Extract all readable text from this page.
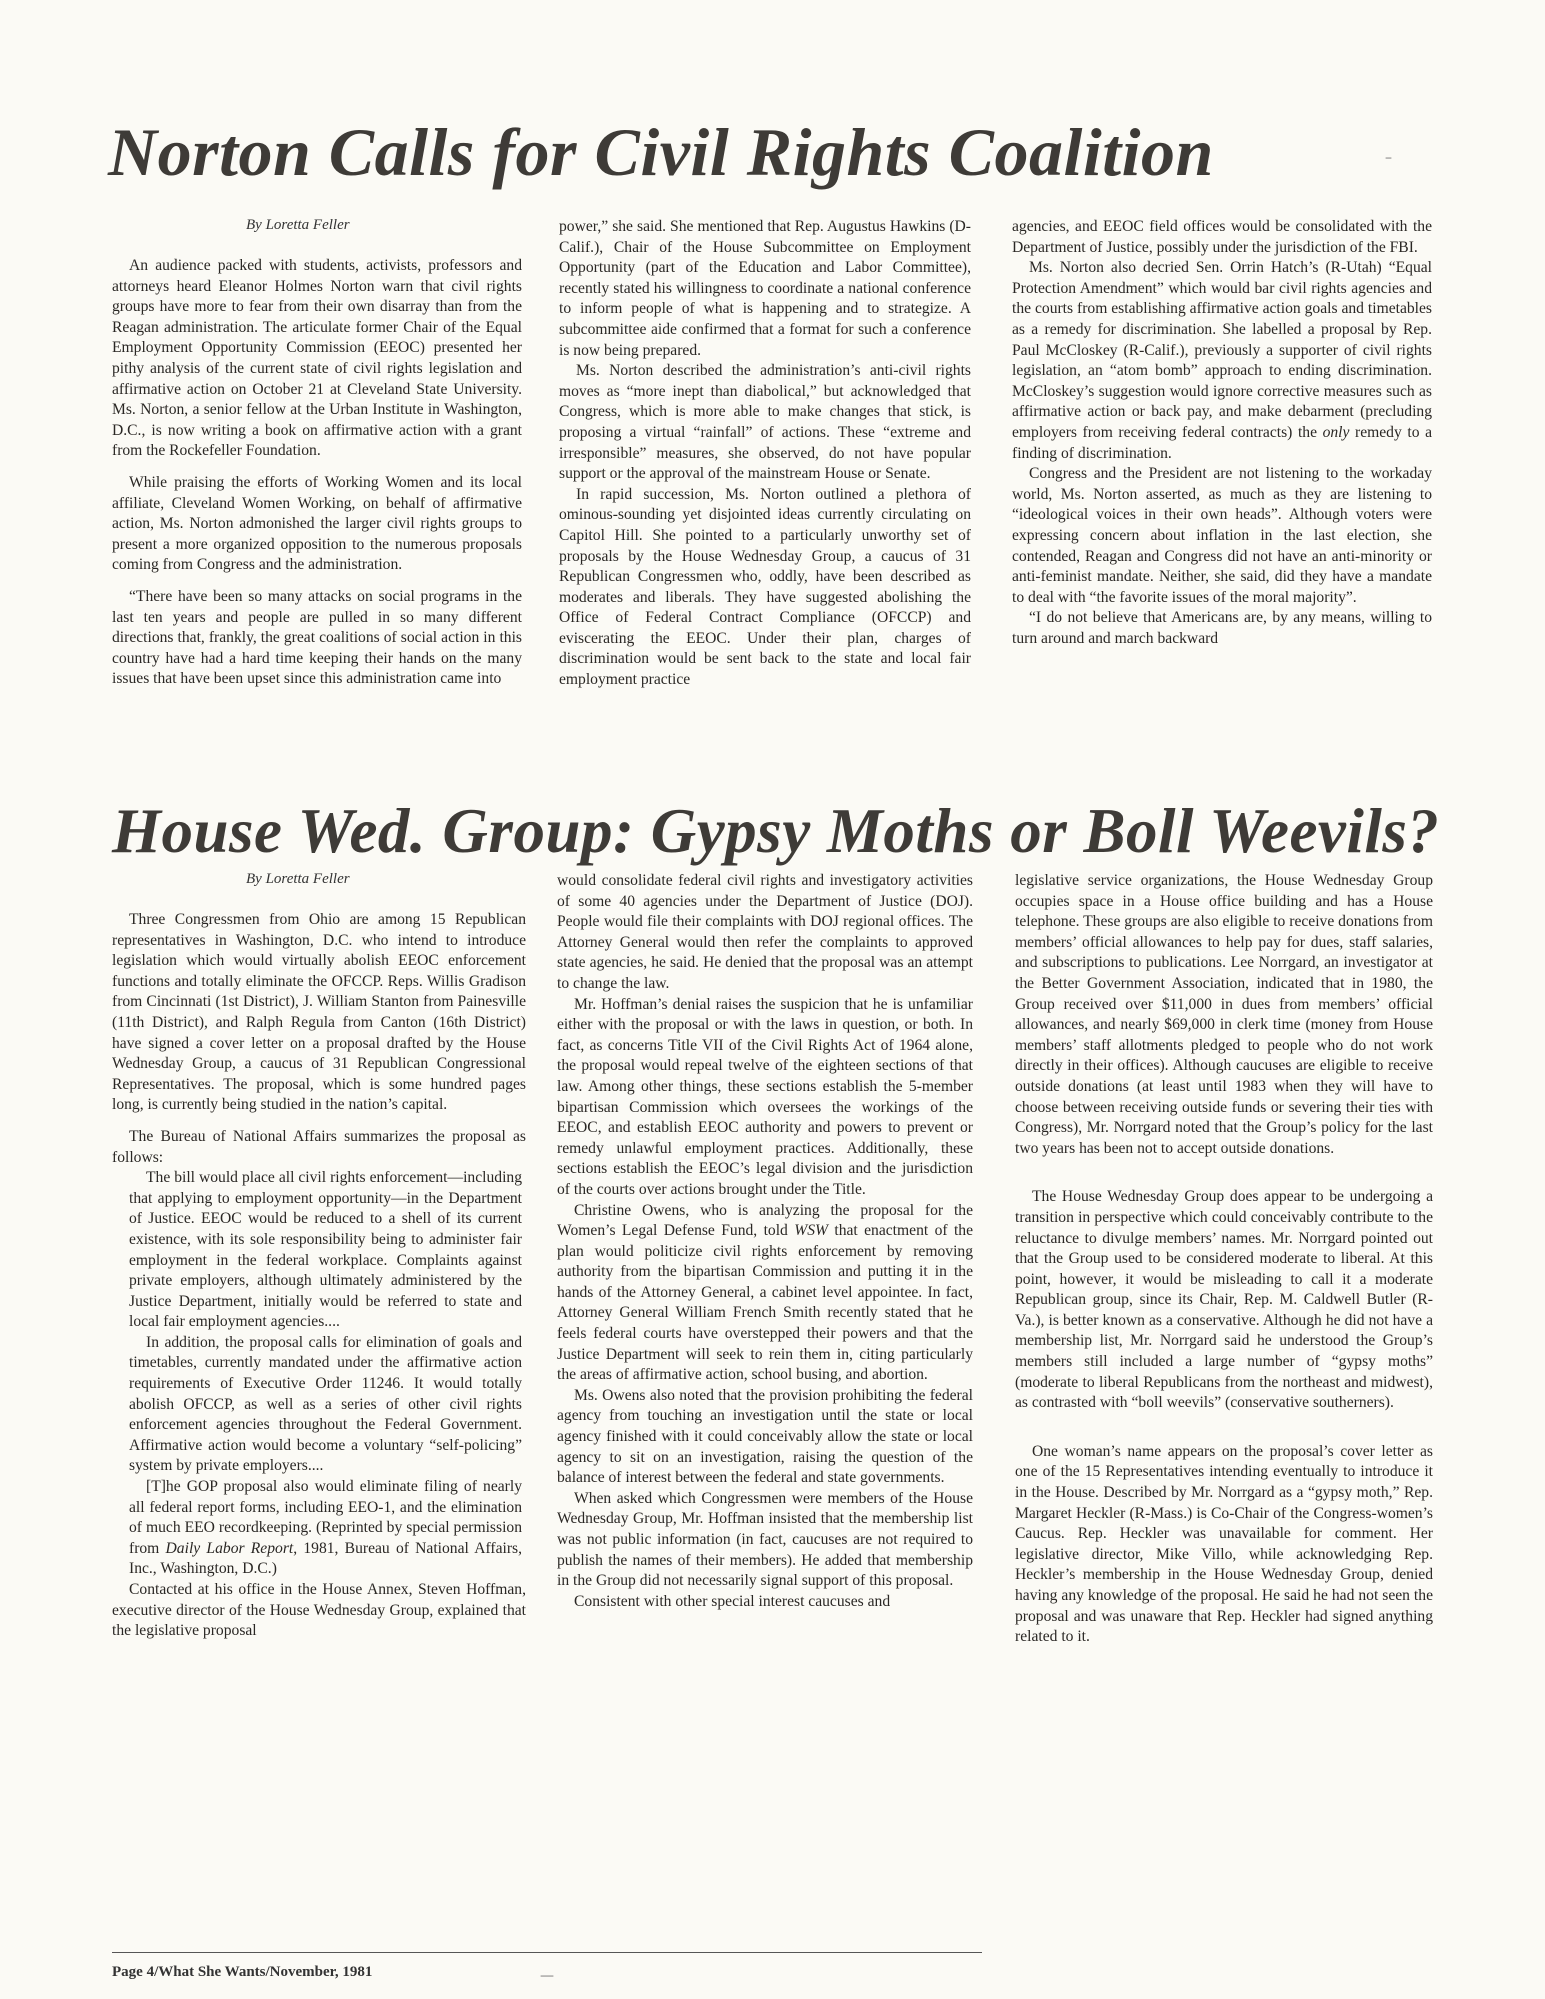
Norton Calls for Civil Rights Coalition
By Loretta Feller

An audience packed with students, activists, professors and attorneys heard Eleanor Holmes Norton warn that civil rights groups have more to fear from their own disarray than from the Reagan administration. The articulate former Chair of the Equal Employment Opportunity Commission (EEOC) presented her pithy analysis of the current state of civil rights legislation and affirmative action on October 21 at Cleveland State University. Ms. Norton, a senior fellow at the Urban Institute in Washington, D.C., is now writing a book on affirmative action with a grant from the Rockefeller Foundation.

While praising the efforts of Working Women and its local affiliate, Cleveland Women Working, on behalf of affirmative action, Ms. Norton admonished the larger civil rights groups to present a more organized opposition to the numerous proposals coming from Congress and the administration.

“There have been so many attacks on social programs in the last ten years and people are pulled in so many different directions that, frankly, the great coalitions of social action in this country have had a hard time keeping their hands on the many issues that have been upset since this administration came into

power,” she said. She mentioned that Rep. Augustus Hawkins (D-Calif.), Chair of the House Subcommittee on Employment Opportunity (part of the Education and Labor Committee), recently stated his willingness to coordinate a national conference to inform people of what is happening and to strategize. A subcommittee aide confirmed that a format for such a conference is now being prepared.

Ms. Norton described the administration’s anti-civil rights moves as “more inept than diabolical,” but acknowledged that Congress, which is more able to make changes that stick, is proposing a virtual “rainfall” of actions. These “extreme and irresponsible” measures, she observed, do not have popular support or the approval of the mainstream House or Senate.

In rapid succession, Ms. Norton outlined a plethora of ominous-sounding yet disjointed ideas currently circulating on Capitol Hill. She pointed to a particularly unworthy set of proposals by the House Wednesday Group, a caucus of 31 Republican Congressmen who, oddly, have been described as moderates and liberals. They have suggested abolishing the Office of Federal Contract Compliance (OFCCP) and eviscerating the EEOC. Under their plan, charges of discrimination would be sent back to the state and local fair employment practice

agencies, and EEOC field offices would be consolidated with the Department of Justice, possibly under the jurisdiction of the FBI.

Ms. Norton also decried Sen. Orrin Hatch’s (R-Utah) “Equal Protection Amendment” which would bar civil rights agencies and the courts from establishing affirmative action goals and timetables as a remedy for discrimination. She labelled a proposal by Rep. Paul McCloskey (R-Calif.), previously a supporter of civil rights legislation, an “atom bomb” approach to ending discrimination. McCloskey’s suggestion would ignore corrective measures such as affirmative action or back pay, and make debarment (precluding employers from receiving federal contracts) the only remedy to a finding of discrimination.

Congress and the President are not listening to the workaday world, Ms. Norton asserted, as much as they are listening to “ideological voices in their own heads”. Although voters were expressing concern about inflation in the last election, she contended, Reagan and Congress did not have an anti-minority or anti-feminist mandate. Neither, she said, did they have a mandate to deal with “the favorite issues of the moral majority”.

“I do not believe that Americans are, by any means, willing to turn around and march backward

House Wed. Group: Gypsy Moths or Boll Weevils?
By Loretta Feller

Three Congressmen from Ohio are among 15 Republican representatives in Washington, D.C. who intend to introduce legislation which would virtually abolish EEOC enforcement functions and totally eliminate the OFCCP. Reps. Willis Gradison from Cincinnati (1st District), J. William Stanton from Painesville (11th District), and Ralph Regula from Canton (16th District) have signed a cover letter on a proposal drafted by the House Wednesday Group, a caucus of 31 Republican Congressional Representatives. The proposal, which is some hundred pages long, is currently being studied in the nation’s capital.

The Bureau of National Affairs summarizes the proposal as follows:

The bill would place all civil rights enforcement—including that applying to employment opportunity—in the Department of Justice. EEOC would be reduced to a shell of its current existence, with its sole responsibility being to administer fair employment in the federal workplace. Complaints against private employers, although ultimately administered by the Justice Department, initially would be referred to state and local fair employment agencies....

In addition, the proposal calls for elimination of goals and timetables, currently mandated under the affirmative action requirements of Executive Order 11246. It would totally abolish OFCCP, as well as a series of other civil rights enforcement agencies throughout the Federal Government. Affirmative action would become a voluntary “self-policing” system by private employers....

[T]he GOP proposal also would eliminate filing of nearly all federal report forms, including EEO-1, and the elimination of much EEO recordkeeping. (Reprinted by special permission from Daily Labor Report, 1981, Bureau of National Affairs, Inc., Washington, D.C.)

Contacted at his office in the House Annex, Steven Hoffman, executive director of the House Wednesday Group, explained that the legislative proposal

would consolidate federal civil rights and investigatory activities of some 40 agencies under the Department of Justice (DOJ). People would file their complaints with DOJ regional offices. The Attorney General would then refer the complaints to approved state agencies, he said. He denied that the proposal was an attempt to change the law.

Mr. Hoffman’s denial raises the suspicion that he is unfamiliar either with the proposal or with the laws in question, or both. In fact, as concerns Title VII of the Civil Rights Act of 1964 alone, the proposal would repeal twelve of the eighteen sections of that law. Among other things, these sections establish the 5-member bipartisan Commission which oversees the workings of the EEOC, and establish EEOC authority and powers to prevent or remedy unlawful employment practices. Additionally, these sections establish the EEOC’s legal division and the jurisdiction of the courts over actions brought under the Title.

Christine Owens, who is analyzing the proposal for the Women’s Legal Defense Fund, told WSW that enactment of the plan would politicize civil rights enforcement by removing authority from the bipartisan Commission and putting it in the hands of the Attorney General, a cabinet level appointee. In fact, Attorney General William French Smith recently stated that he feels federal courts have overstepped their powers and that the Justice Department will seek to rein them in, citing particularly the areas of affirmative action, school busing, and abortion.

Ms. Owens also noted that the provision prohibiting the federal agency from touching an investigation until the state or local agency finished with it could conceivably allow the state or local agency to sit on an investigation, raising the question of the balance of interest between the federal and state governments.

When asked which Congressmen were members of the House Wednesday Group, Mr. Hoffman insisted that the membership list was not public information (in fact, caucuses are not required to publish the names of their members). He added that membership in the Group did not necessarily signal support of this proposal.

Consistent with other special interest caucuses and

legislative service organizations, the House Wednesday Group occupies space in a House office building and has a House telephone. These groups are also eligible to receive donations from members’ official allowances to help pay for dues, staff salaries, and subscriptions to publications. Lee Norrgard, an investigator at the Better Government Association, indicated that in 1980, the Group received over $11,000 in dues from members’ official allowances, and nearly $69,000 in clerk time (money from House members’ staff allotments pledged to people who do not work directly in their offices). Although caucuses are eligible to receive outside donations (at least until 1983 when they will have to choose between receiving outside funds or severing their ties with Congress), Mr. Norrgard noted that the Group’s policy for the last two years has been not to accept outside donations.

The House Wednesday Group does appear to be undergoing a transition in perspective which could conceivably contribute to the reluctance to divulge members’ names. Mr. Norrgard pointed out that the Group used to be considered moderate to liberal. At this point, however, it would be misleading to call it a moderate Republican group, since its Chair, Rep. M. Caldwell Butler (R-Va.), is better known as a conservative. Although he did not have a membership list, Mr. Norrgard said he understood the Group’s members still included a large number of “gypsy moths” (moderate to liberal Republicans from the northeast and midwest), as contrasted with “boll weevils” (conservative southerners).

One woman’s name appears on the proposal’s cover letter as one of the 15 Representatives intending eventually to introduce it in the House. Described by Mr. Norrgard as a “gypsy moth,” Rep. Margaret Heckler (R-Mass.) is Co-Chair of the Congress-women’s Caucus. Rep. Heckler was unavailable for comment. Her legislative director, Mike Villo, while acknowledging Rep. Heckler’s membership in the House Wednesday Group, denied having any knowledge of the proposal. He said he had not seen the proposal and was unaware that Rep. Heckler had signed anything related to it.

Page 4/What She Wants/November, 1981
–
—
